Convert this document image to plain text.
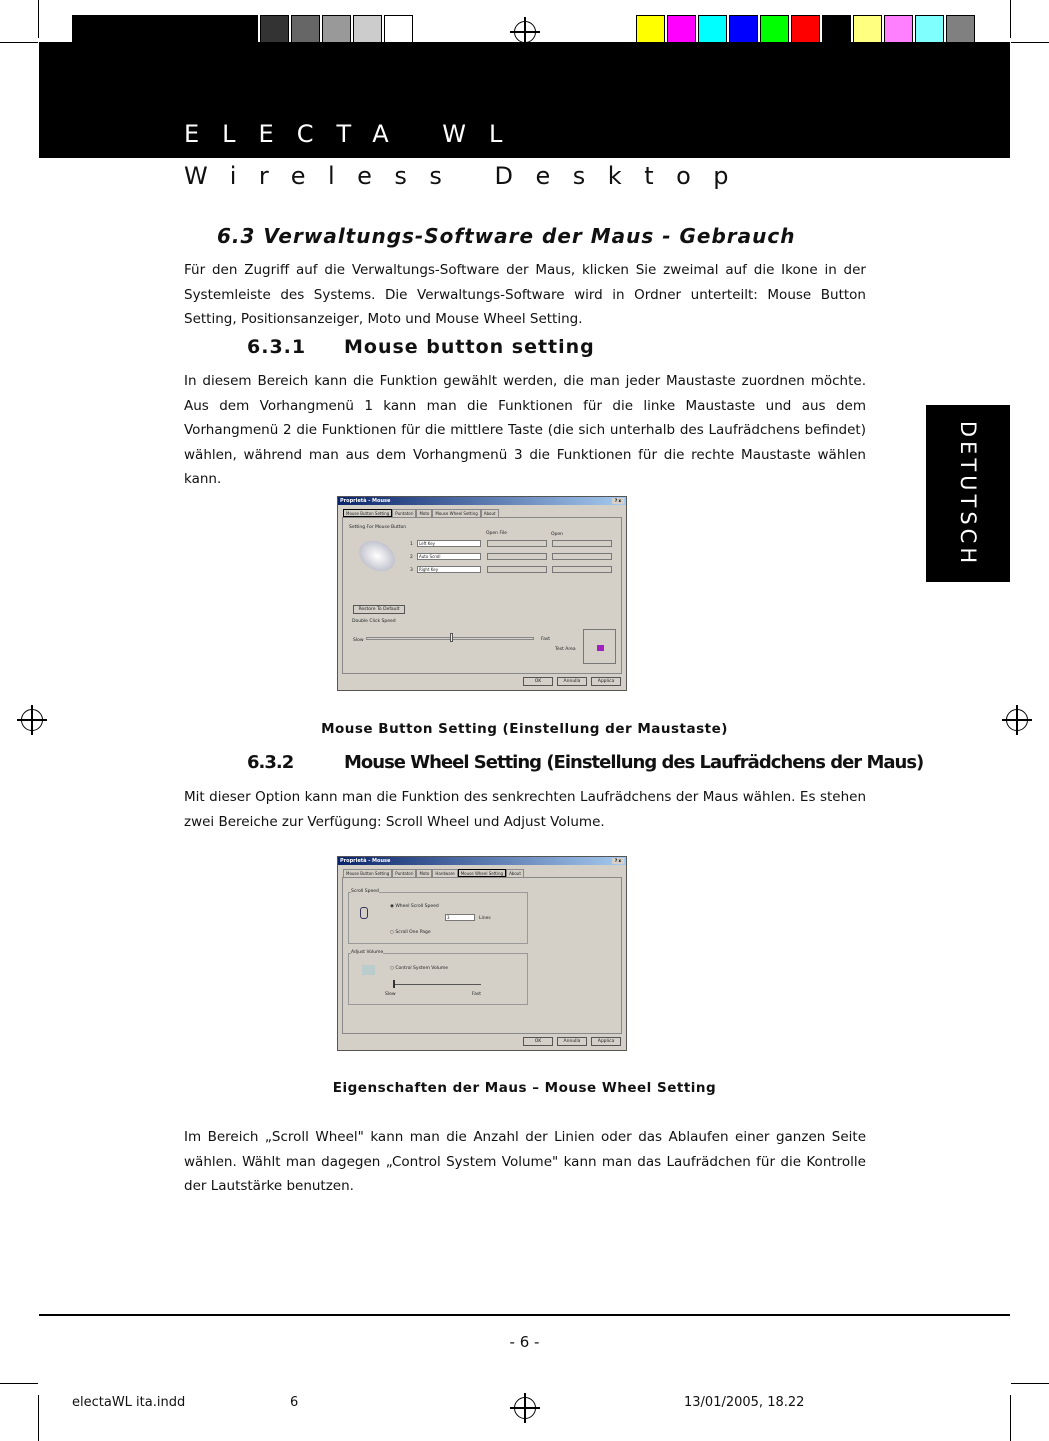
ELECTA WL
Wireless Desktop
DETUTSCH
6.3 Verwaltungs-Software der Maus - Gebrauch
Für den Zugriff auf die Verwaltungs-Software der Maus, klicken Sie zweimal auf die Ikone in der Systemleiste des Systems. Die Verwaltungs-Software wird in Ordner unterteilt: Mouse Button Setting, Positionsanzeiger, Moto und Mouse Wheel Setting.
6.3.1 Mouse button setting
In diesem Bereich kann die Funktion gewählt werden, die man jeder Maustaste zuordnen möchte. Aus dem Vorhangmenü 1 kann man die Funktionen für die linke Maustaste und aus dem Vorhangmenü 2 die Funktionen für die mittlere Taste (die sich unterhalb des Laufrädchens befindet) wählen, während man aus dem Vorhangmenü 3 die Funktionen für die rechte Maustaste wählen kann.
Proprietà - Mouse	? x
Mouse Button Setting	Puntatori	Moto	Mouse Wheel Setting	About
Setting For Mouse Button
Open File	Open
1	Left Key
2	Auto Scroll
3	Right Key
Restore To Default
Double Click Speed
Slow	Fast
Test Area
OK	Annulla	Applica
Mouse Button Setting (Einstellung der Maustaste)
6.3.2	Mouse Wheel Setting (Einstellung des Laufrädchens der Maus)
Mit dieser Option kann man die Funktion des senkrechten Laufrädchens der Maus wählen. Es stehen zwei Bereiche zur Verfügung: Scroll Wheel und Adjust Volume.
Proprietà - Mouse	? x
Mouse Button Setting	Puntatori	Moto	Hardware	Mouse Wheel Setting	About
Scroll Speed
◉ Wheel Scroll Speed
3	Lines
○ Scroll One Page
Adjust Volume
○ Control System Volume
Slow	Fast
OK	Annulla	Applica
Eigenschaften der Maus – Mouse Wheel Setting
Im Bereich „Scroll Wheel" kann man die Anzahl der Linien oder das Ablaufen einer ganzen Seite wählen. Wählt man dagegen „Control System Volume" kann man das Laufrädchen für die Kontrolle der Lautstärke benutzen.
- 6 -
electaWL ita.indd	6	13/01/2005, 18.22
